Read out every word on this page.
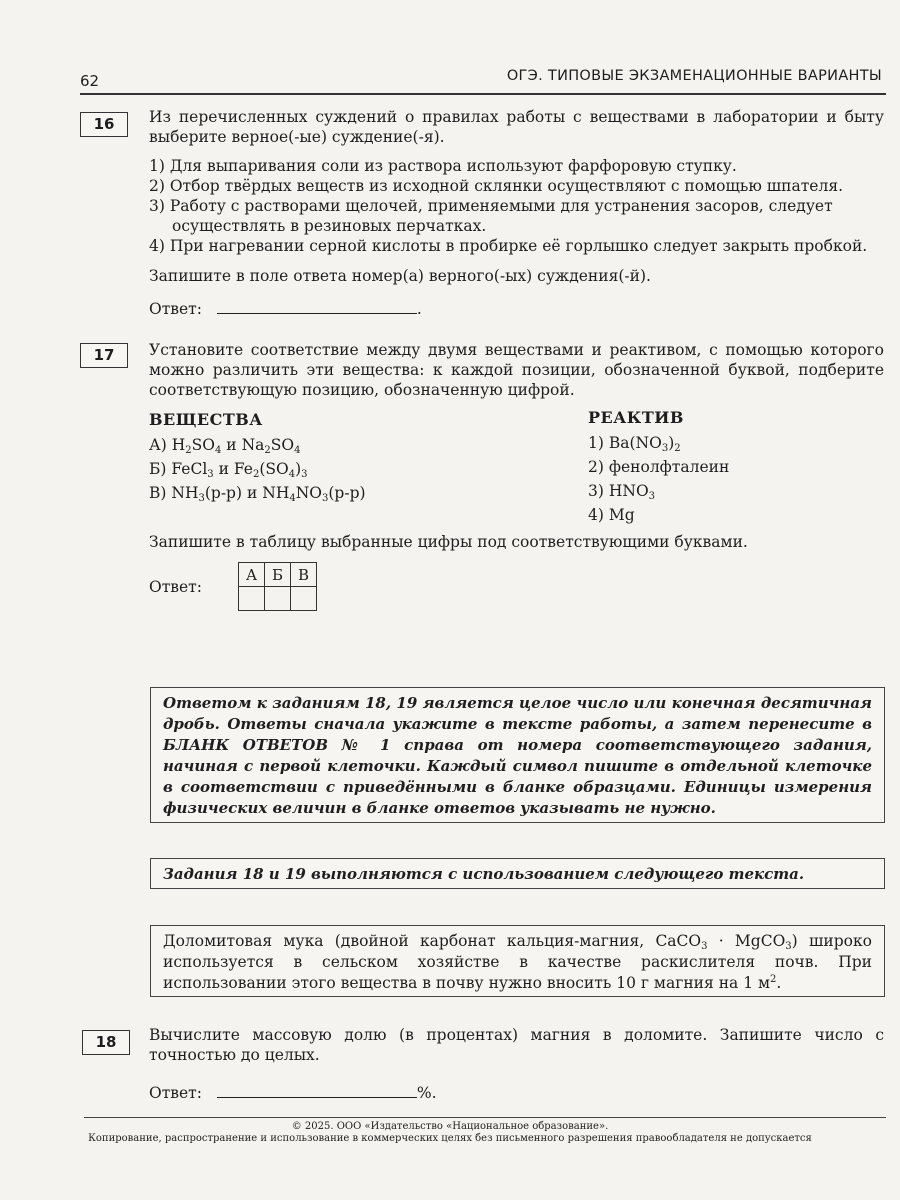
62	ОГЭ. ТИПОВЫЕ ЭКЗАМЕНАЦИОННЫЕ ВАРИАНТЫ
16	Из перечисленных суждений о правилах работы с веществами в лаборатории и быту выберите верное(-ые) суждение(-я).
1) Для выпаривания соли из раствора используют фарфоровую ступку.
2) Отбор твёрдых веществ из исходной склянки осуществляют с помощью шпателя.
3) Работу с растворами щелочей, применяемыми для устранения засоров, следует
осуществлять в резиновых перчатках.
4) При нагревании серной кислоты в пробирке её горлышко следует закрыть пробкой.
Запишите в поле ответа номер(а) верного(-ых) суждения(-й).
Ответ:	.
17	Установите соответствие между двумя веществами и реактивом, с помощью которого можно различить эти вещества: к каждой позиции, обозначенной буквой, подберите соответствующую позицию, обозначенную цифрой.
ВЕЩЕСТВА	РЕАКТИВ
А) $H_2SO_4$ и $Na_2SO_4$
Б) FeCl$_3$ и $Fe_2(SO_4)_3$
В) $NH_3(р-р)$ и $NH_4NO_3(р-р)$
1) $Ba(NO_3)_2$
2) фенолфталеин
3) $HNO_3$
4) Mg
Запишите в таблицу выбранные цифры под соответствующими буквами.
Ответ:
А	Б	В

Ответом к заданиям 18, 19 является целое число или конечная десятичная дробь. Ответы сначала укажите в тексте работы, а затем перенесите в БЛАНК ОТВЕТОВ № 1 справа от номера соответствующего задания, начиная с первой клеточки. Каждый символ пишите в отдельной клеточке в соответствии с приведёнными в бланке образцами. Единицы измерения физических величин в бланке ответов указывать не нужно.
Задания 18 и 19 выполняются с использованием следующего текста.
Доломитовая мука (двойной карбонат кальция-магния, CaCO$_3$ · MgCO$_3$) широко используется в сельском хозяйстве в качестве раскислителя почв. При использовании этого вещества в почву нужно вносить 10 г магния на 1 $м^2$.
18	Вычислите массовую долю (в процентах) магния в доломите. Запишите число с точностью до целых.
Ответ:	%.
© 2025. ООО «Издательство «Национальное образование».
Копирование, распространение и использование в коммерческих целях без письменного разрешения правообладателя не допускается
